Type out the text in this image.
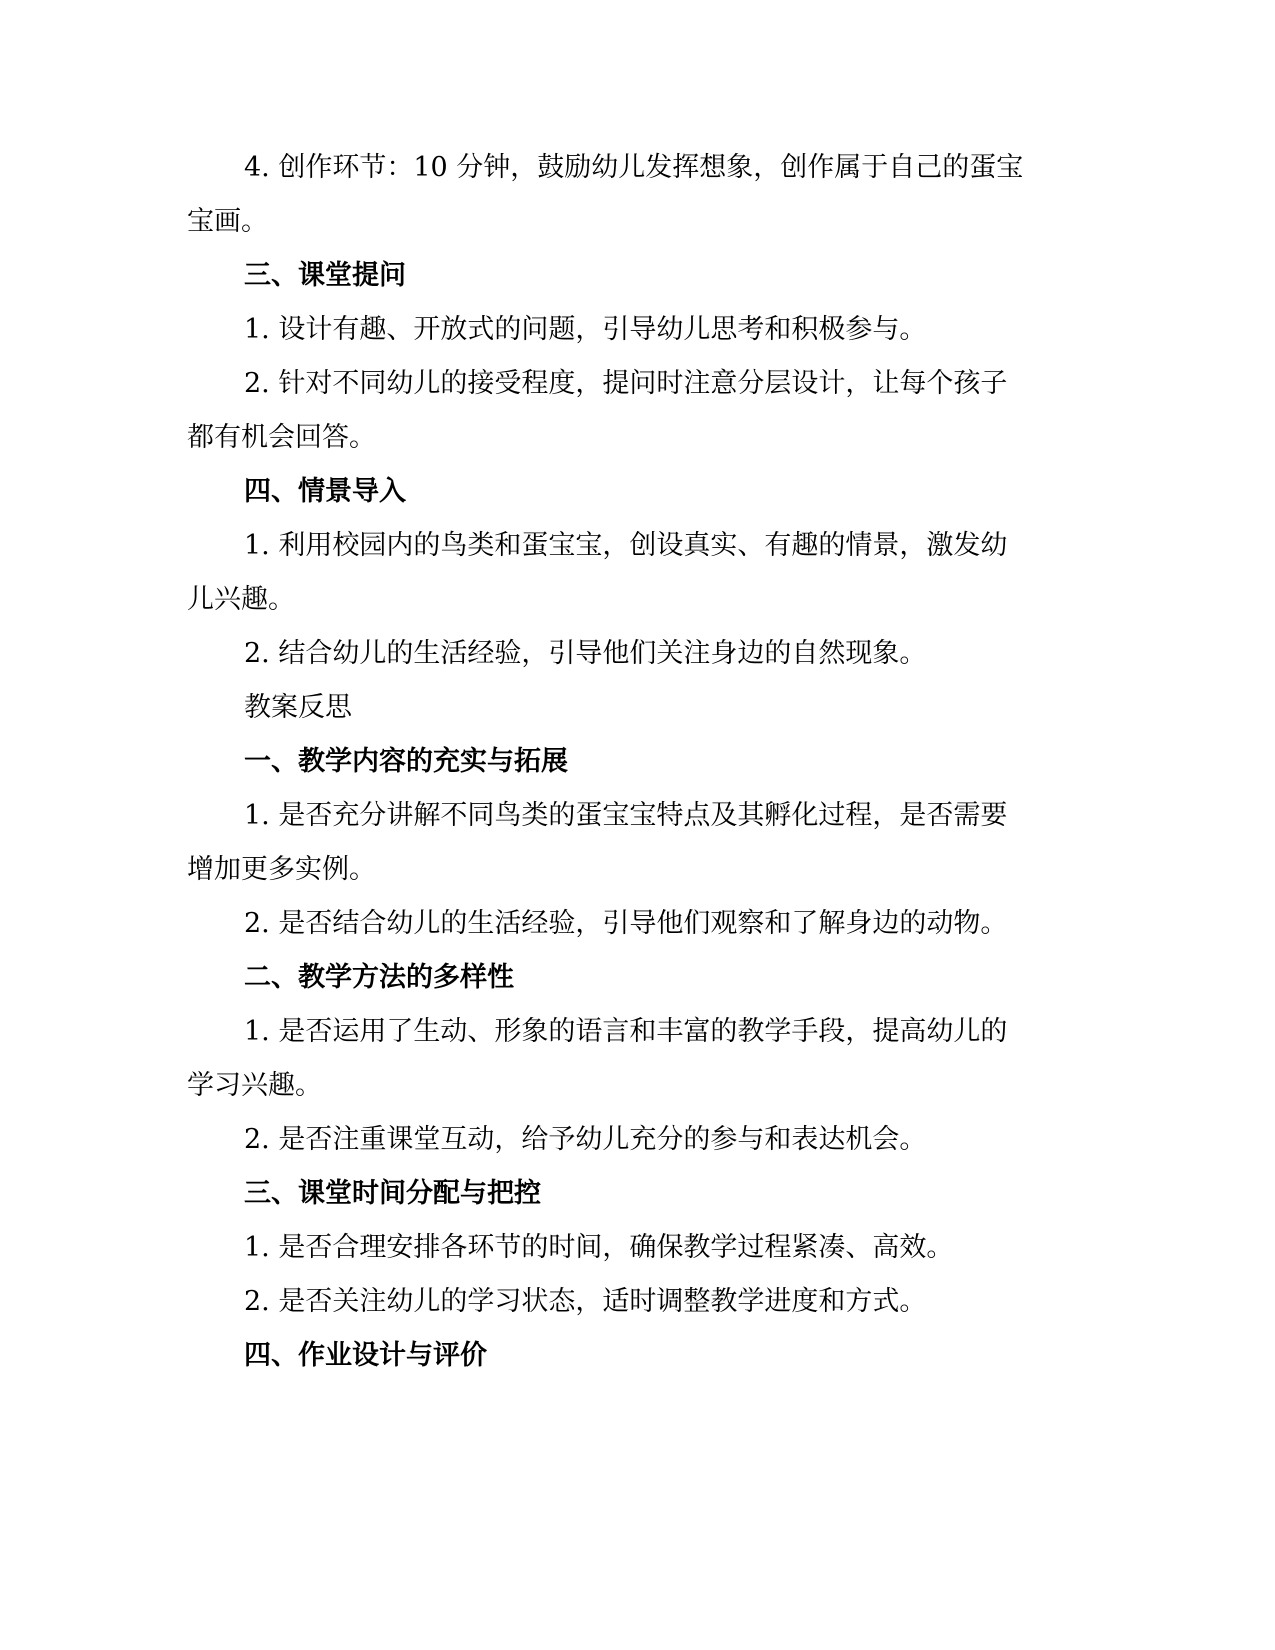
4. 创作环节：10 分钟，鼓励幼儿发挥想象，创作属于自己的蛋宝
宝画。
三、课堂提问
1. 设计有趣、开放式的问题，引导幼儿思考和积极参与。
2. 针对不同幼儿的接受程度，提问时注意分层设计，让每个孩子
都有机会回答。
四、情景导入
1. 利用校园内的鸟类和蛋宝宝，创设真实、有趣的情景，激发幼
儿兴趣。
2. 结合幼儿的生活经验，引导他们关注身边的自然现象。
教案反思
一、教学内容的充实与拓展
1. 是否充分讲解不同鸟类的蛋宝宝特点及其孵化过程，是否需要
增加更多实例。
2. 是否结合幼儿的生活经验，引导他们观察和了解身边的动物。
二、教学方法的多样性
1. 是否运用了生动、形象的语言和丰富的教学手段，提高幼儿的
学习兴趣。
2. 是否注重课堂互动，给予幼儿充分的参与和表达机会。
三、课堂时间分配与把控
1. 是否合理安排各环节的时间，确保教学过程紧凑、高效。
2. 是否关注幼儿的学习状态，适时调整教学进度和方式。
四、作业设计与评价
